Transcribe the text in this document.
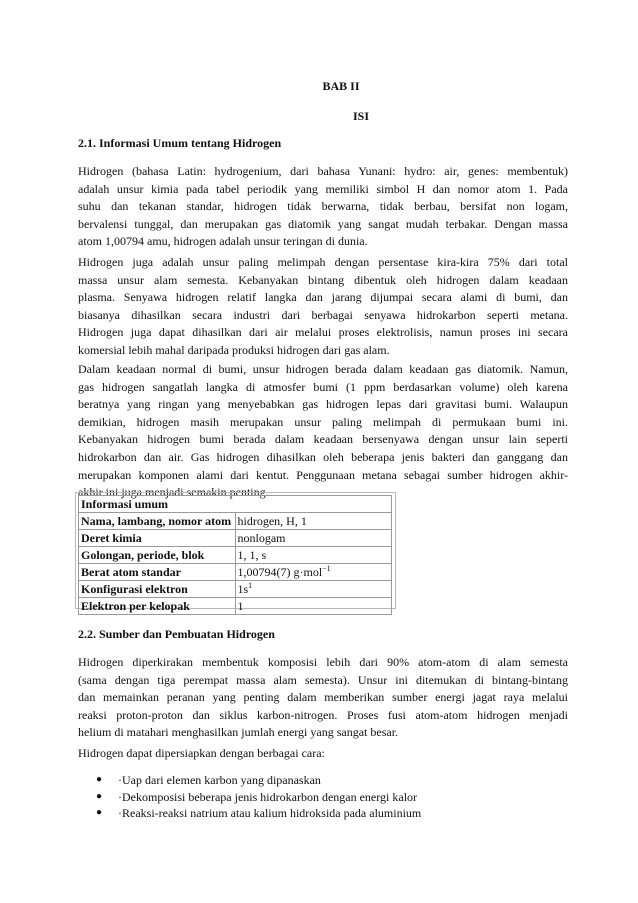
BAB II
ISI
2.1. Informasi Umum tentang Hidrogen
Hidrogen (bahasa Latin: hydrogenium, dari bahasa Yunani: hydro: air, genes: membentuk)
adalah unsur kimia pada tabel periodik yang memiliki simbol H dan nomor atom 1. Pada
suhu dan tekanan standar, hidrogen tidak berwarna, tidak berbau, bersifat non logam,
bervalensi tunggal, dan merupakan gas diatomik yang sangat mudah terbakar. Dengan massa
atom 1,00794 amu, hidrogen adalah unsur teringan di dunia.
Hidrogen juga adalah unsur paling melimpah dengan persentase kira-kira 75% dari total
massa unsur alam semesta. Kebanyakan bintang dibentuk oleh hidrogen dalam keadaan
plasma. Senyawa hidrogen relatif langka dan jarang dijumpai secara alami di bumi, dan
biasanya dihasilkan secara industri dari berbagai senyawa hidrokarbon seperti metana.
Hidrogen juga dapat dihasilkan dari air melalui proses elektrolisis, namun proses ini secara
komersial lebih mahal daripada produksi hidrogen dari gas alam.
Dalam keadaan normal di bumi, unsur hidrogen berada dalam keadaan gas diatomik. Namun,
gas hidrogen sangatlah langka di atmosfer bumi (1 ppm berdasarkan volume) oleh karena
beratnya yang ringan yang menyebabkan gas hidrogen lepas dari gravitasi bumi. Walaupun
demikian, hidrogen masih merupakan unsur paling melimpah di permukaan bumi ini.
Kebanyakan hidrogen bumi berada dalam keadaan bersenyawa dengan unsur lain seperti
hidrokarbon dan air. Gas hidrogen dihasilkan oleh beberapa jenis bakteri dan ganggang dan
merupakan komponen alami dari kentut. Penggunaan metana sebagai sumber hidrogen akhir-
akhir ini juga menjadi semakin penting.
Informasi umum	
Nama, lambang, nomor atom	hidrogen, H, 1
Deret kimia	nonlogam
Golongan, periode, blok	1, 1, s
Berat atom standar	1,00794(7) g·mol$^{-1}$
Konfigurasi elektron	$1s^1$
Elektron per kelopak	1
2.2. Sumber dan Pembuatan Hidrogen
Hidrogen diperkirakan membentuk komposisi lebih dari 90% atom-atom di alam semesta
(sama dengan tiga perempat massa alam semesta). Unsur ini ditemukan di bintang-bintang
dan memainkan peranan yang penting dalam memberikan sumber energi jagat raya melalui
reaksi proton-proton dan siklus karbon-nitrogen. Proses fusi atom-atom hidrogen menjadi
helium di matahari menghasilkan jumlah energi yang sangat besar.
Hidrogen dapat dipersiapkan dengan berbagai cara:
● ·Uap dari elemen karbon yang dipanaskan
● ·Dekomposisi beberapa jenis hidrokarbon dengan energi kalor
● ·Reaksi-reaksi natrium atau kalium hidroksida pada aluminium
